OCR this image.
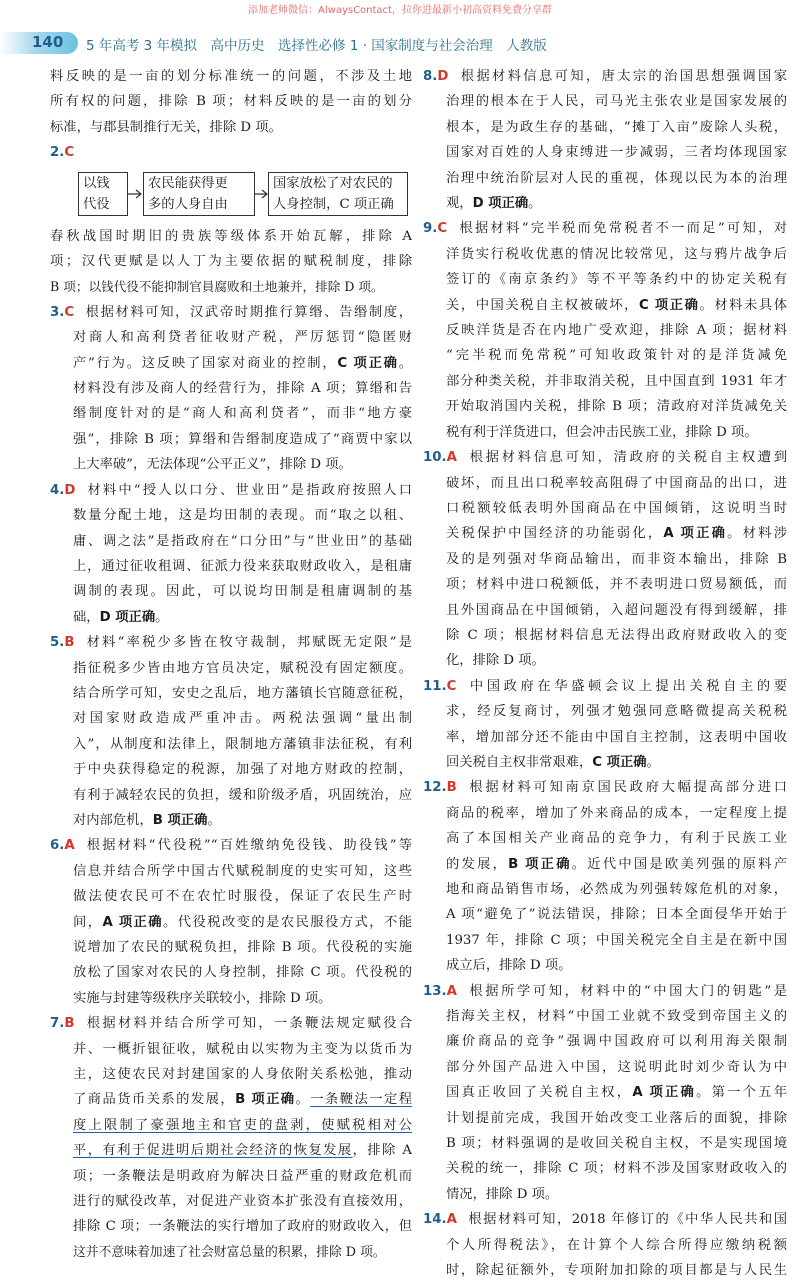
添加老师微信：AlwaysContact，拉你进最新小初高资料免费分享群
140 5 年高考 3 年模拟　高中历史　选择性必修 1 · 国家制度与社会治理　人教版

料反映的是一亩的划分标准统一的问题，不涉及土地

所有权的问题，排除 B 项；材料反映的是一亩的划分

标准，与郡县制推行无关，排除 D 项。

2.C

以钱
代役
农民能获得更
多的人身自由
国家放松了对农民的
人身控制，C 项正确

春秋战国时期旧的贵族等级体系开始瓦解，排除 A

项；汉代更赋是以人丁为主要依据的赋税制度，排除

B 项；以钱代役不能抑制官員腐败和土地兼并，排除 D 项。

3.C 根据材料可知，汉武帝时期推行算缗、告缗制度，

对商人和高利贷者征收财产税，严厉惩罚“隐匿财

产”行为。这反映了国家对商业的控制，C 项正确。

材料没有涉及商人的经营行为，排除 A 项；算缗和告

缗制度针对的是“商人和高利贷者”，而非“地方豪

强”，排除 B 项；算缗和告缗制度造成了“商贾中家以

上大率破”，无法体现“公平正义”，排除 D 项。

4.D 材料中“授人以口分、世业田”是指政府按照人口

数量分配土地，这是均田制的表现。而“取之以租、

庸、调之法”是指政府在“口分田”与“世业田”的基础

上，通过征收租调、征派力役来获取财政收入，是租庸

调制的表现。因此，可以说均田制是租庸调制的基

础，D 项正确。

5.B 材料“率税少多皆在牧守裁制，邦赋既无定限”是

指征税多少皆由地方官员决定，赋税没有固定额度。

结合所学可知，安史之乱后，地方藩镇长官随意征税，

对国家财政造成严重冲击。两税法强调“量出制

入”，从制度和法律上，限制地方藩镇非法征税，有利

于中央获得稳定的税源，加强了对地方财政的控制，

有利于减轻农民的负担，缓和阶级矛盾，巩固统治，应

对内部危机，B 项正确。

6.A 根据材料“代役税”“百姓缴纳免役钱、助役钱”等

信息并结合所学中国古代赋税制度的史实可知，这些

做法使农民可不在农忙时服役，保证了农民生产时

间，A 项正确。代役税改变的是农民服役方式，不能

说增加了农民的赋税负担，排除 B 项。代役税的实施

放松了国家对农民的人身控制，排除 C 项。代役税的

实施与封建等级秩序关联较小，排除 D 项。

7.B 根据材料并结合所学可知，一条鞭法规定赋役合

并、一概折银征收，赋税由以实物为主变为以货币为

主，这使农民对封建国家的人身依附关系松弛，推动

了商品货币关系的发展，B 项正确。一条鞭法一定程

度上限制了豪强地主和官吏的盘剥，使赋税相对公

平，有利于促进明后期社会经济的恢复发展，排除 A

项；一条鞭法是明政府为解决日益严重的财政危机而

进行的赋役改革，对促进产业资本扩张没有直接效用，

排除 C 项；一条鞭法的实行增加了政府的财政收入，但

这并不意味着加速了社会财富总量的积累，排除 D 项。

8.D 根据材料信息可知，唐太宗的治国思想强调国家

治理的根本在于人民，司马光主张农业是国家发展的

根本，是为政生存的基础，“摊丁入亩”废除人头税，

国家对百姓的人身束缚进一步减弱，三者均体现国家

治理中统治阶层对人民的重视，体现以民为本的治理

观，D 项正确。

9.C 根据材料“完半税而免常税者不一而足”可知，对

洋货实行税收优惠的情况比较常见，这与鸦片战争后

签订的《南京条约》等不平等条约中的协定关税有

关，中国关税自主权被破坏，C 项正确。材料未具体

反映洋货是否在内地广受欢迎，排除 A 项；据材料

“完半税而免常税”可知收政策针对的是洋货减免

部分种类关税，并非取消关税，且中国直到 1931 年才

开始取消国内关税，排除 B 项；清政府对洋货减免关

税有利于洋货进口，但会冲击民族工业，排除 D 项。

10.A 根据材料信息可知，清政府的关税自主权遭到

破坏，而且出口税率较高阻碍了中国商品的出口，进

口税额较低表明外国商品在中国倾销，这说明当时

关税保护中国经济的功能弱化，A 项正确。材料涉

及的是列强对华商品输出，而非资本输出，排除 B

项；材料中进口税额低，并不表明进口贸易额低，而

且外国商品在中国倾销，入超问题没有得到缓解，排

除 C 项；根据材料信息无法得出政府财政收入的变

化，排除 D 项。

11.C 中国政府在华盛顿会议上提出关税自主的要

求，经反复商讨，列强才勉强同意略微提高关税税

率，增加部分还不能由中国自主控制，这表明中国收

回关税自主权非常艰难，C 项正确。

12.B 根据材料可知南京国民政府大幅提高部分进口

商品的税率，增加了外来商品的成本，一定程度上提

高了本国相关产业商品的竞争力，有利于民族工业

的发展，B 项正确。近代中国是欧美列强的原料产

地和商品销售市场，必然成为列强转嫁危机的对象，

A 项“避免了”说法错误，排除；日本全面侵华开始于

1937 年，排除 C 项；中国关税完全自主是在新中国

成立后，排除 D 项。

13.A 根据所学可知，材料中的“中国大门的钥匙”是

指海关主权，材料“中国工业就不致受到帝国主义的

廉价商品的竞争”强调中国政府可以利用海关限制

部分外国产品进入中国，这说明此时刘少奇认为中

国真正收回了关税自主权，A 项正确。第一个五年

计划提前完成，我国开始改变工业落后的面貌，排除

B 项；材料强调的是收回关税自主权，不是实现国境

关税的统一，排除 C 项；材料不涉及国家财政收入的

情况，排除 D 项。

14.A 根据材料可知，2018 年修订的《中华人民共和国

个人所得税法》，在计算个人综合所得应缴纳税额

时，除起征额外，专项附加扣除的项目都是与人民生
